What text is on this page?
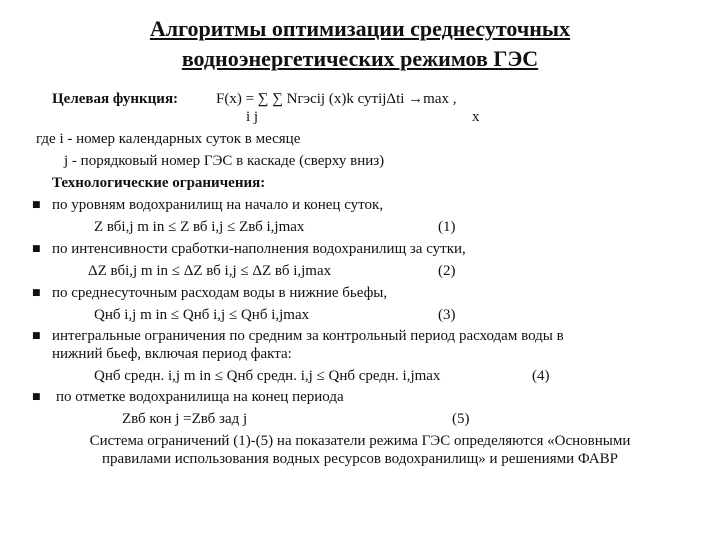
Алгоритмы оптимизации среднесуточных
водноэнергетических режимов ГЭС
Целевая функция:	F(x) = ∑ ∑ Nгэсij (x)k сутijΔti →max ,
i j	x
где i - номер календарных суток в месяце
j - порядковый номер ГЭС в каскаде (сверху вниз)
Технологические ограничения:
■ по уровням водохранилищ на начало и конец суток,
Z вбi,j m in ≤ Z вб i,j ≤ Zвб i,jmax	(1)
■ по интенсивности сработки-наполнения водохранилищ за сутки,
ΔZ вбi,j m in ≤ ΔZ вб i,j ≤ ΔZ вб i,jmax	(2)
■ по среднесуточным расходам воды в нижние бьефы,
Qнб i,j m in ≤ Qнб i,j ≤ Qнб i,jmax	(3)
■ интегральные ограничения по средним за контрольный период расходам воды в
нижний бьеф, включая период факта:
Qнб средн. i,j m in ≤ Qнб средн. i,j ≤ Qнб средн. i,jmax	(4)
■ по отметке водохранилища на конец периода
Zвб кон j =Zвб зад j	(5)
Система ограничений (1)-(5) на показатели режима ГЭС определяются «Основными
правилами использования водных ресурсов водохранилищ» и решениями ФАВР
